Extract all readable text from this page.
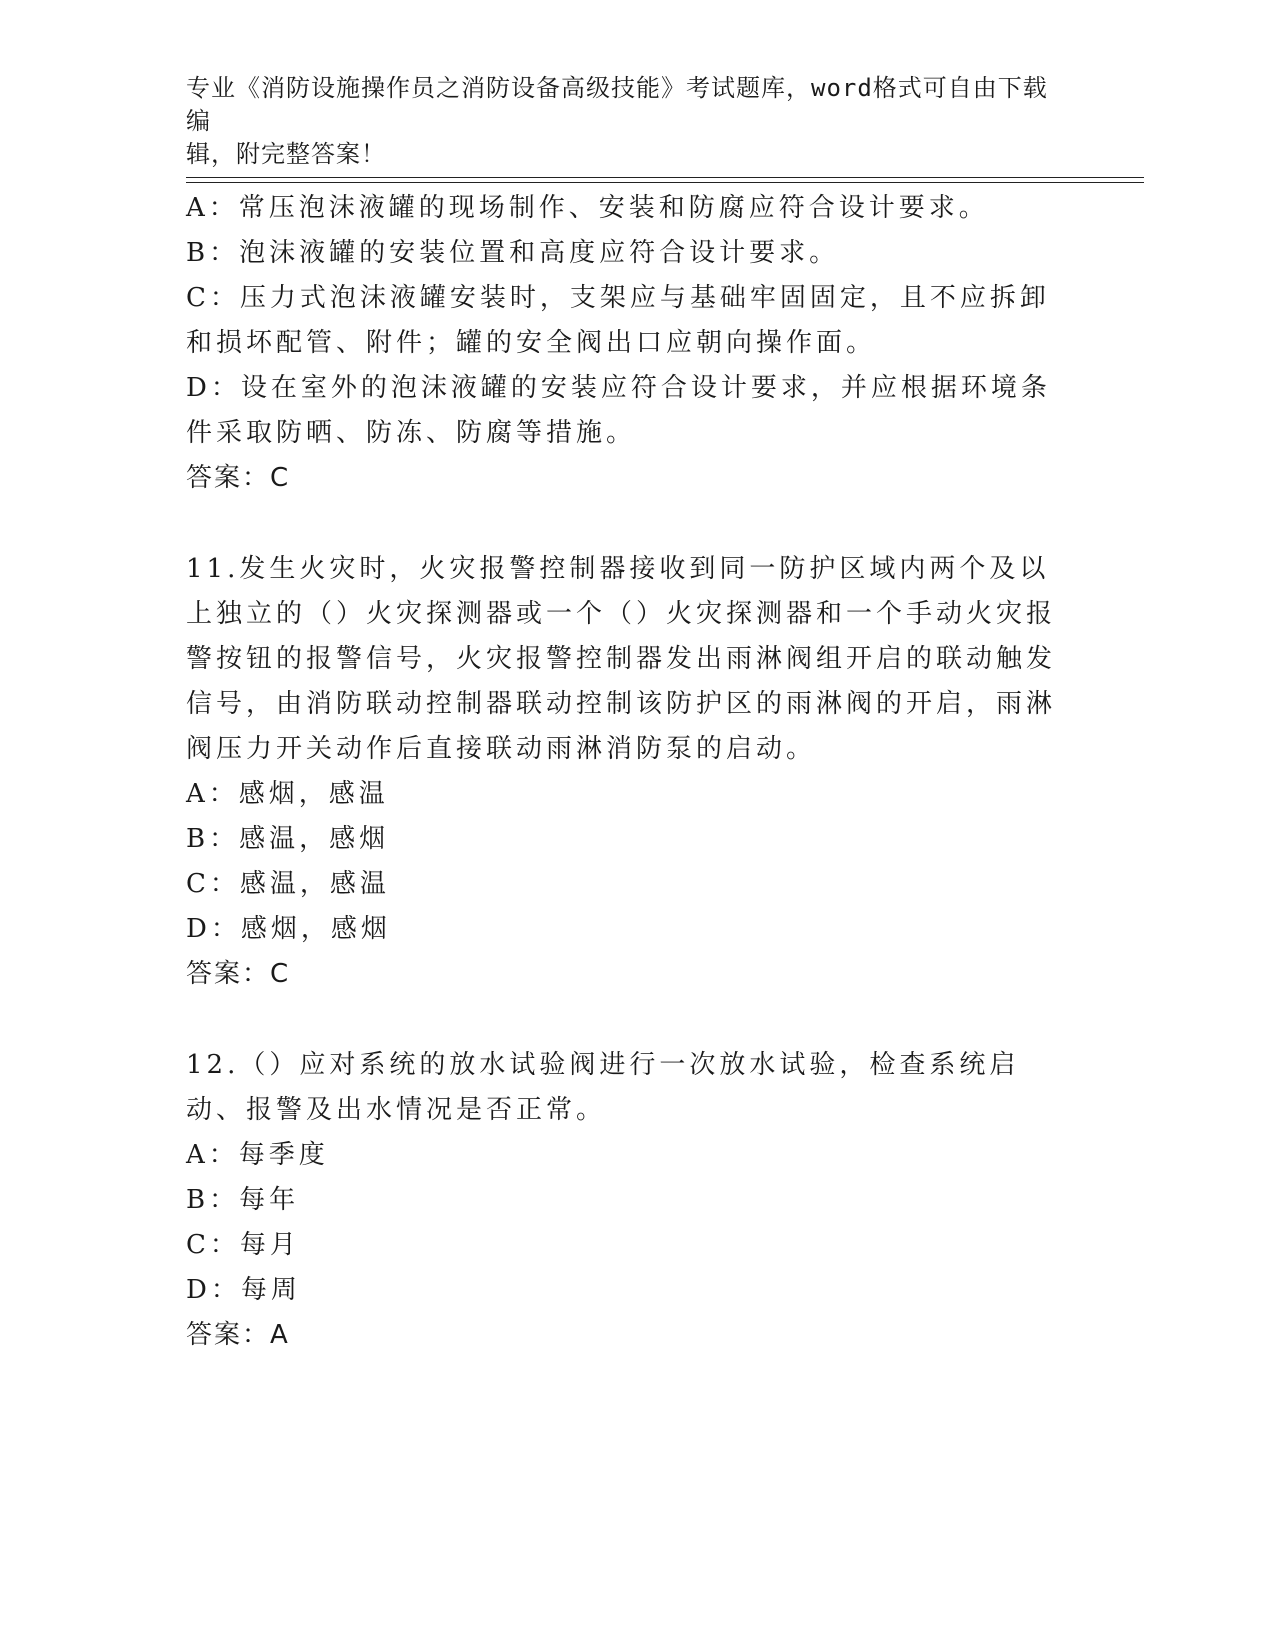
专业《消防设施操作员之消防设备高级技能》考试题库，word格式可自由下载编
辑，附完整答案！

A：常压泡沫液罐的现场制作、安装和防腐应符合设计要求。

B：泡沫液罐的安装位置和高度应符合设计要求。

C：压力式泡沫液罐安装时，支架应与基础牢固固定，且不应拆卸和损坏配管、附件；罐的安全阀出口应朝向操作面。

D：设在室外的泡沫液罐的安装应符合设计要求，并应根据环境条件采取防晒、防冻、防腐等措施。

答案：C

11.发生火灾时，火灾报警控制器接收到同一防护区域内两个及以上独立的（）火灾探测器或一个（）火灾探测器和一个手动火灾报警按钮的报警信号，火灾报警控制器发出雨淋阀组开启的联动触发信号，由消防联动控制器联动控制该防护区的雨淋阀的开启，雨淋阀压力开关动作后直接联动雨淋消防泵的启动。

A：感烟，感温

B：感温，感烟

C：感温，感温

D：感烟，感烟

答案：C

12.（）应对系统的放水试验阀进行一次放水试验，检查系统启动、报警及出水情况是否正常。

A：每季度

B：每年

C：每月

D：每周

答案：A
